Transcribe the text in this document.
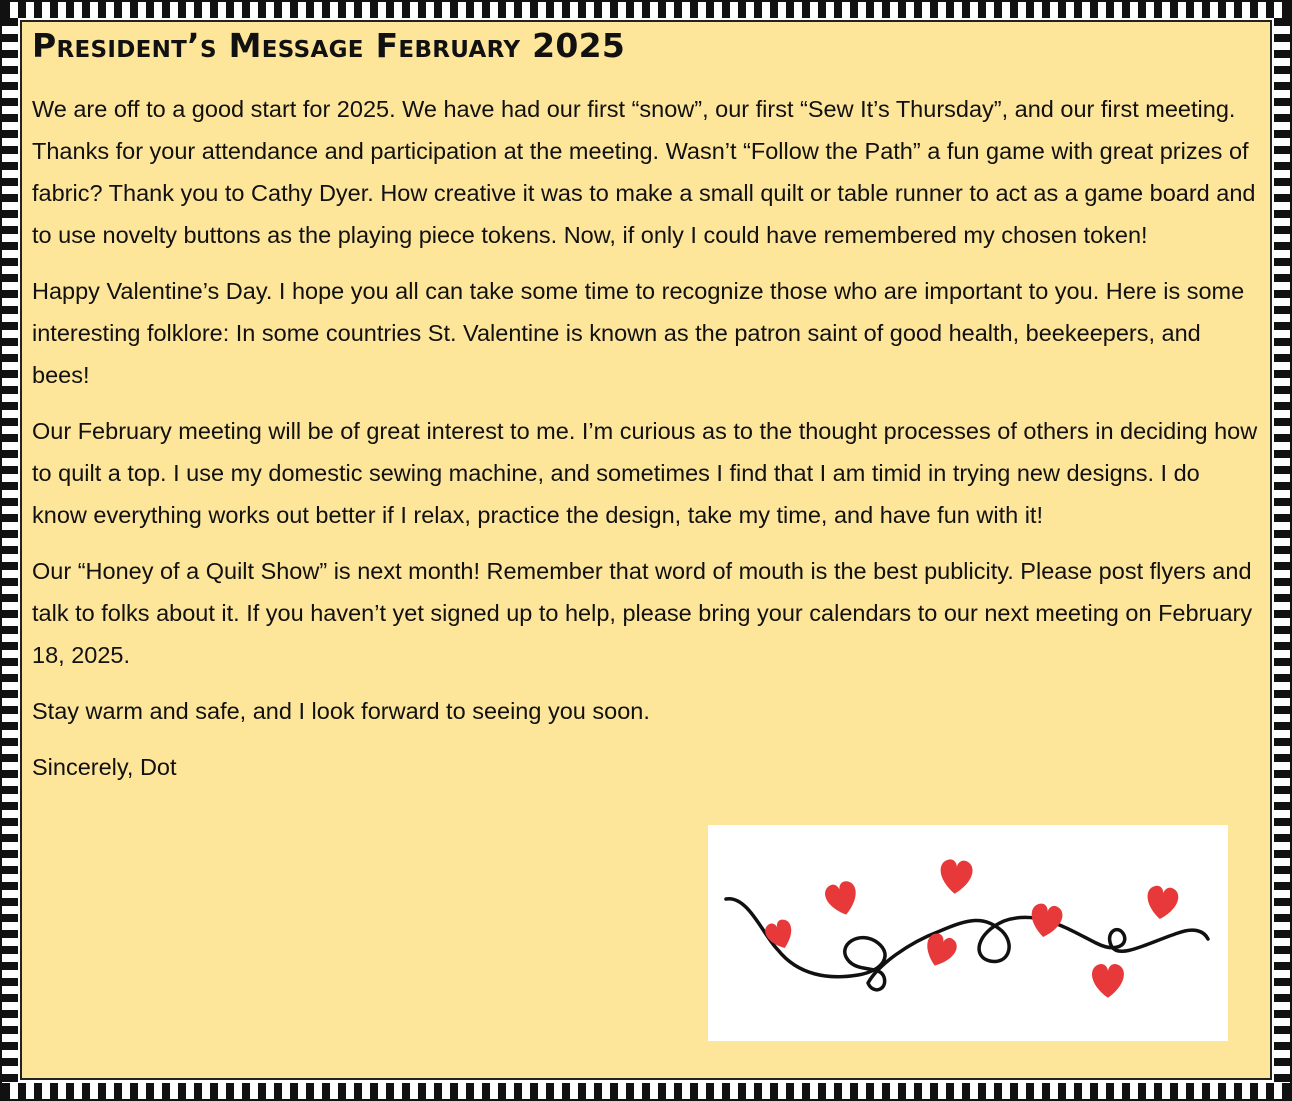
President’s Message February 2025

We are off to a good start for 2025. We have had our first “snow”, our first “Sew It’s Thursday”, and our first meeting. Thanks for your attendance and participation at the meeting. Wasn’t “Follow the Path” a fun game with great prizes of fabric? Thank you to Cathy Dyer. How creative it was to make a small quilt or table runner to act as a game board and to use novelty buttons as the playing piece tokens. Now, if only I could have remembered my chosen token!

Happy Valentine’s Day. I hope you all can take some time to recognize those who are important to you. Here is some interesting folklore: In some countries St. Valentine is known as the patron saint of good health, beekeepers, and bees!

Our February meeting will be of great interest to me. I’m curious as to the thought processes of others in deciding how to quilt a top. I use my domestic sewing machine, and sometimes I find that I am timid in trying new designs. I do know everything works out better if I relax, practice the design, take my time, and have fun with it!

Our “Honey of a Quilt Show” is next month! Remember that word of mouth is the best publicity. Please post flyers and talk to folks about it. If you haven’t yet signed up to help, please bring your calendars to our next meeting on February 18, 2025.

Stay warm and safe, and I look forward to seeing you soon.

Sincerely, Dot
